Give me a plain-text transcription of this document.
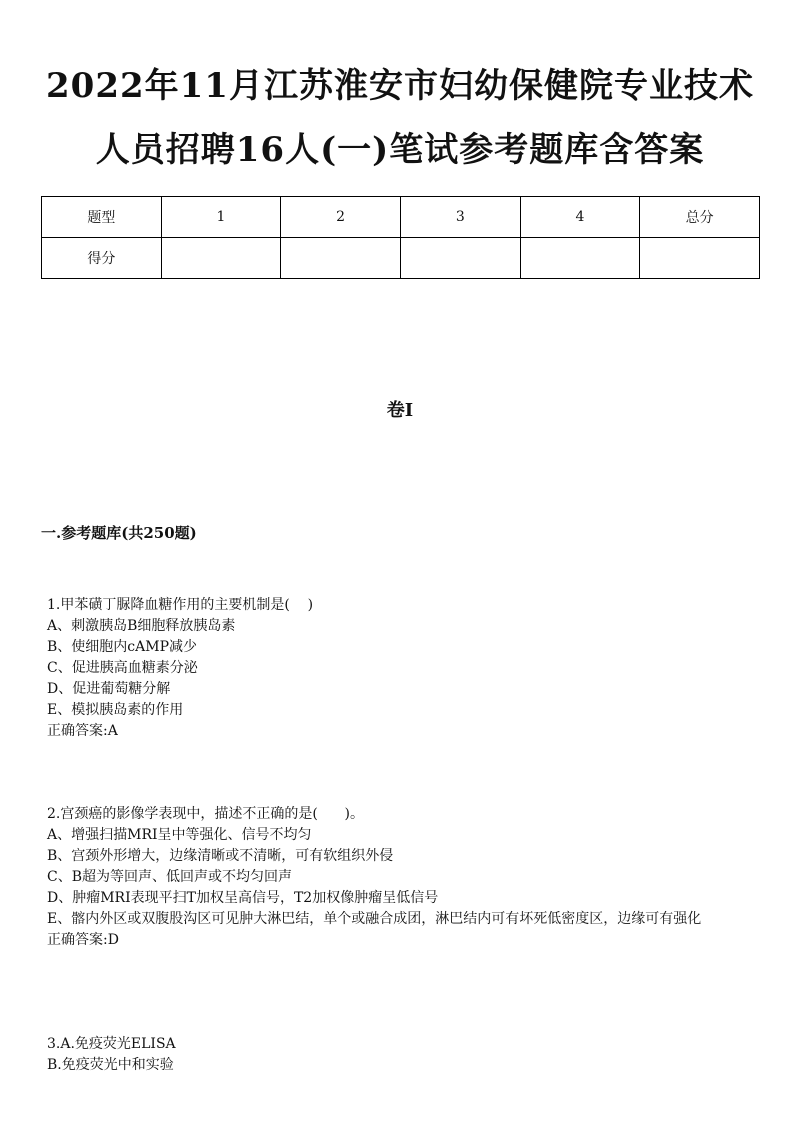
2022年11月江苏淮安市妇幼保健院专业技术
人员招聘16人(一)笔试参考题库含答案
题型	1	2	3	4	总分
得分					
卷I
一.参考题库(共250题)
1.甲苯磺丁脲降血糖作用的主要机制是(    )
A、刺激胰岛B细胞释放胰岛素
B、使细胞内cAMP减少
C、促进胰高血糖素分泌
D、促进葡萄糖分解
E、模拟胰岛素的作用
正确答案:A
2.宫颈癌的影像学表现中，描述不正确的是(      )。
A、增强扫描MRI呈中等强化、信号不均匀
B、宫颈外形增大，边缘清晰或不清晰，可有软组织外侵
C、B超为等回声、低回声或不均匀回声
D、肿瘤MRI表现平扫T加权呈高信号，T2加权像肿瘤呈低信号
E、髂内外区或双腹股沟区可见肿大淋巴结，单个或融合成团，淋巴结内可有坏死低密度区，边缘可有强化
正确答案:D
3.A.免疫荧光ELISA
B.免疫荧光中和实验
